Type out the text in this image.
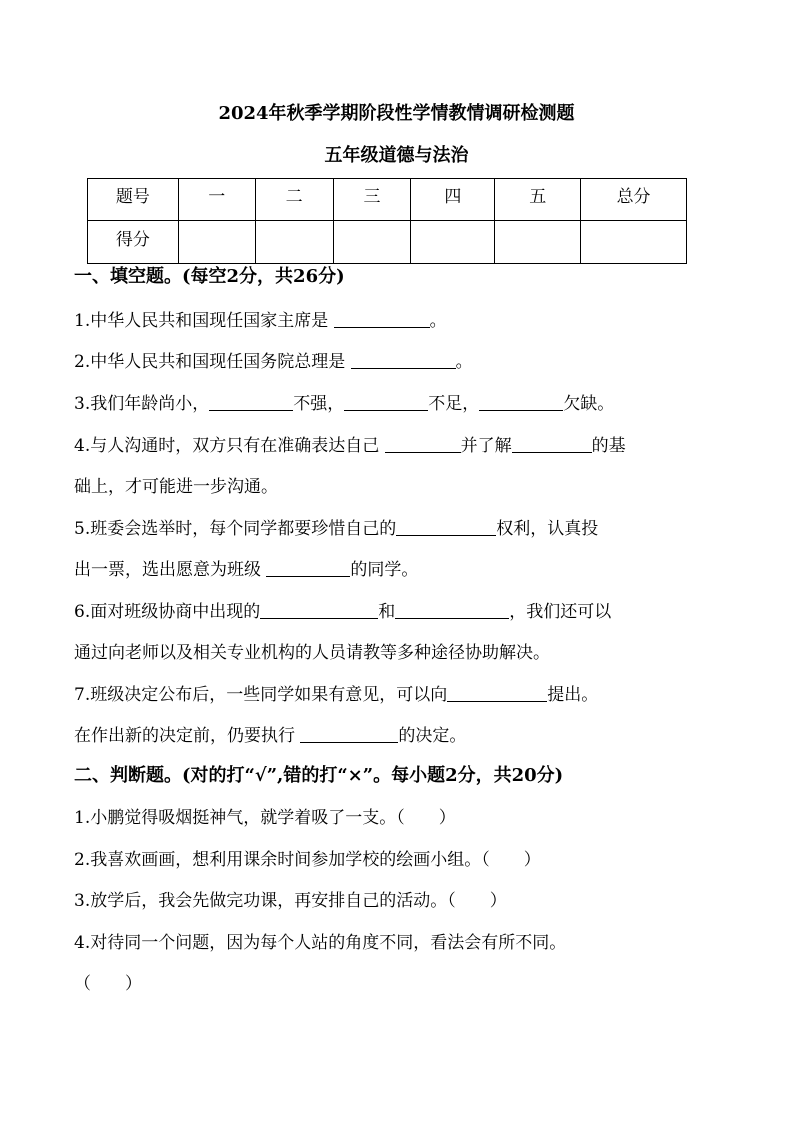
2024年秋季学期阶段性学情教情调研检测题
五年级道德与法治
题号	一	二	三	四	五	总分
得分						
一、填空题。(每空2分，共26分)
1.中华人民共和国现任国家主席是	。
2.中华人民共和国现任国务院总理是	。
3.我们年龄尚小，	不强，	不足，	欠缺。
4.与人沟通时，双方只有在准确表达自己	并了解	的基
础上，才可能进一步沟通。
5.班委会选举时，每个同学都要珍惜自己的	权利，认真投
出一票，选出愿意为班级	的同学。
6.面对班级协商中出现的	和	，我们还可以
通过向老师以及相关专业机构的人员请教等多种途径协助解决。
7.班级决定公布后，一些同学如果有意见，可以向	提出。
在作出新的决定前，仍要执行	的决定。
二、判断题。(对的打“√”,错的打“×”。每小题2分，共20分)
1.小鹏觉得吸烟挺神气，就学着吸了一支。（　　）
2.我喜欢画画，想利用课余时间参加学校的绘画小组。（　　）
3.放学后，我会先做完功课，再安排自己的活动。（　　）
4.对待同一个问题，因为每个人站的角度不同，看法会有所不同。
（　　）
